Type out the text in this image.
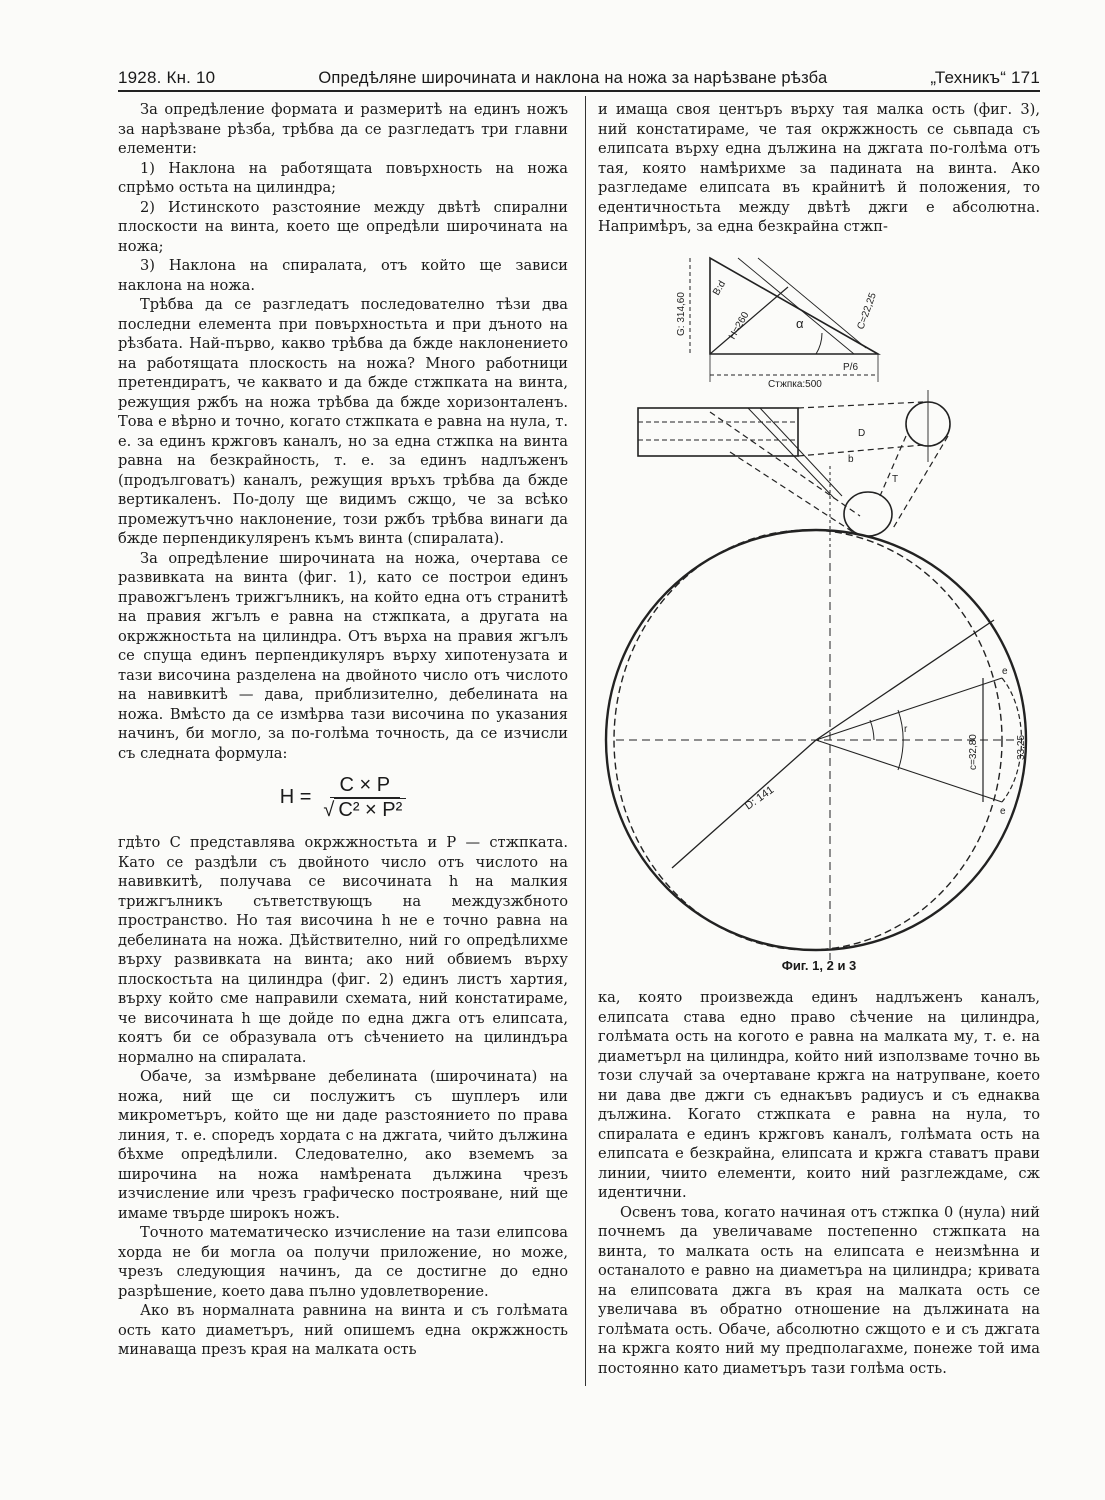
1928. Кн. 10	Опредѣляне широчината и наклона на ножа за нарѣзване рѣзба	„Техникъ“ 171

За опредѣление формата и размеритѣ на единъ ножъ за нарѣзване рѣзба, трѣбва да се разгледатъ три главни елементи:

1) Наклона на работящата повърхность на ножа спрѣмо остьта на цилиндра;

2) Истинското разстояние между двѣтѣ спирални плоскости на винта, което ще опредѣли широчината на ножа;

3) Наклона на спиралата, отъ който ще зависи наклона на ножа.

Трѣбва да се разгледатъ последователно тѣзи два последни елемента при повърхностьта и при дъното на рѣзбата. Най-първо, какво трѣбва да бжде наклонението на работящата плоскость на ножа? Много работници претендиратъ, че каквато и да бжде стжпката на винта, режущия ржбъ на ножа трѣбва да бжде хоризонталенъ. Това е вѣрно и точно, когато стжпката е равна на нула, т. е. за единъ кржговъ каналъ, но за една стжпка на винта равна на безкрайность, т. е. за единъ надлъженъ (продълговатъ) каналъ, режущия връхъ трѣбва да бжде вертикаленъ. По-долу ще видимъ сжщо, че за всѣко промежутъчно наклонение, този ржбъ трѣбва винаги да бжде перпендикуляренъ къмъ винта (спиралата).

За опредѣление широчината на ножа, очертава се развивката на винта (фиг. 1), като се построи единъ правожгъленъ трижгълникъ, на който една отъ странитѣ на правия жгълъ е равна на стжпката, а другата на окржжностьта на цилиндра. Отъ върха на правия жгълъ се спуща единъ перпендикуляръ върху хипотенузата и тази височина разделена на двойното число отъ числото на навивкитѣ — дава, приблизително, дебелината на ножа. Вмѣсто да се измѣрва тази височина по указания начинъ, би могло, за по-голѣма точность, да се изчисли съ следната формула:

$H = \frac{C \times P}{\text{√ C² × P²}}$

гдѣто C представлява окржжностьта и P — стжпката. Като се раздѣли съ двойното число отъ числото на навивкитѣ, получава се височината h на малкия трижгълникъ сътветствующъ на междузжбното пространство. Но тая височина h не е точно равна на дебелината на ножа. Дѣйствително, ний го опредѣлихме върху развивката на винта; ако ний обвиемъ върху плоскостьта на цилиндра (фиг. 2) единъ листъ хартия, върху който сме направили схемата, ний констатираме, че височината h ще дойде по една джга отъ елипсата, коятъ би се образувала отъ сѣчението на цилиндъра нормално на спиралата.

Обаче, за измѣрване дебелината (широчината) на ножа, ний ще си послужитъ съ шуплеръ или микрометъръ, който ще ни даде разстоянието по права линия, т. е. споредъ хордата c на джгата, чийто дължина бѣхме опредѣлили. Следователно, ако вземемъ за широчина на ножа намѣрената дължина чрезъ изчисление или чрезъ графическо построяване, ний ще имаме твърде широкъ ножъ.

Точното математическо изчисление на тази елипсова хорда не би могла оа получи приложение, но може, чрезъ следующия начинъ, да се достигне до едно разрѣшение, което дава пълно удовлетворение.

Ако въ нормалната равнина на винта и съ голѣмата ость като диаметъръ, ний опишемъ една окржжность минаваща презъ края на малката ость

и имаща своя центъръ върху тая малка ость (фиг. 3), ний констатираме, че тая окржжность се сьвпада съ елипсата върху една дължина на джгата по-голѣма отъ тая, която намѣрихме за падината на винта. Ако разгледаме елипсата въ крайнитѣ й положения, то едентичностьта между двѣтѣ джги е абсолютна. Напримѣръ, за една безкрайна стжп-

G: 314,60
B:d
H=260	C=22,25
α
P/6
Стжпка:500
D
b
T
D: 141
c=32,80	33,25
e
e
r
Фиг. 1, 2 и 3

ка, която произвежда единъ надлъженъ каналъ, елипсата става едно право сѣчение на цилиндра, голѣмата ость на когото е равна на малката му, т. е. на диаметърл на цилиндра, който ний използваме точно вь този случай за очертаване кржга на натрупване, което ни дава две джги съ еднакъвъ радиусъ и съ еднаква дължина. Когато стжпката е равна на нула, то спиралата е единъ кржговъ каналъ, голѣмата ость на елипсата е безкрайна, елипсата и кржга ставатъ прави линии, чиито елементи, които ний разглеждаме, сж идентични.

Освенъ това, когато начиная отъ стжпка 0 (нула) ний почнемъ да увеличаваме постепенно стжпката на винта, то малката ость на елипсата е неизмѣнна и останалото е равно на диаметъра на цилиндра; кривата на елипсовата джга въ края на малката ость се увеличава въ обратно отношение на дължината на голѣмата ость. Обаче, абсолютно сжщото е и съ джгата на кржга която ний му предполагахме, понеже той има постоянно като диаметъръ тази голѣма ость.
